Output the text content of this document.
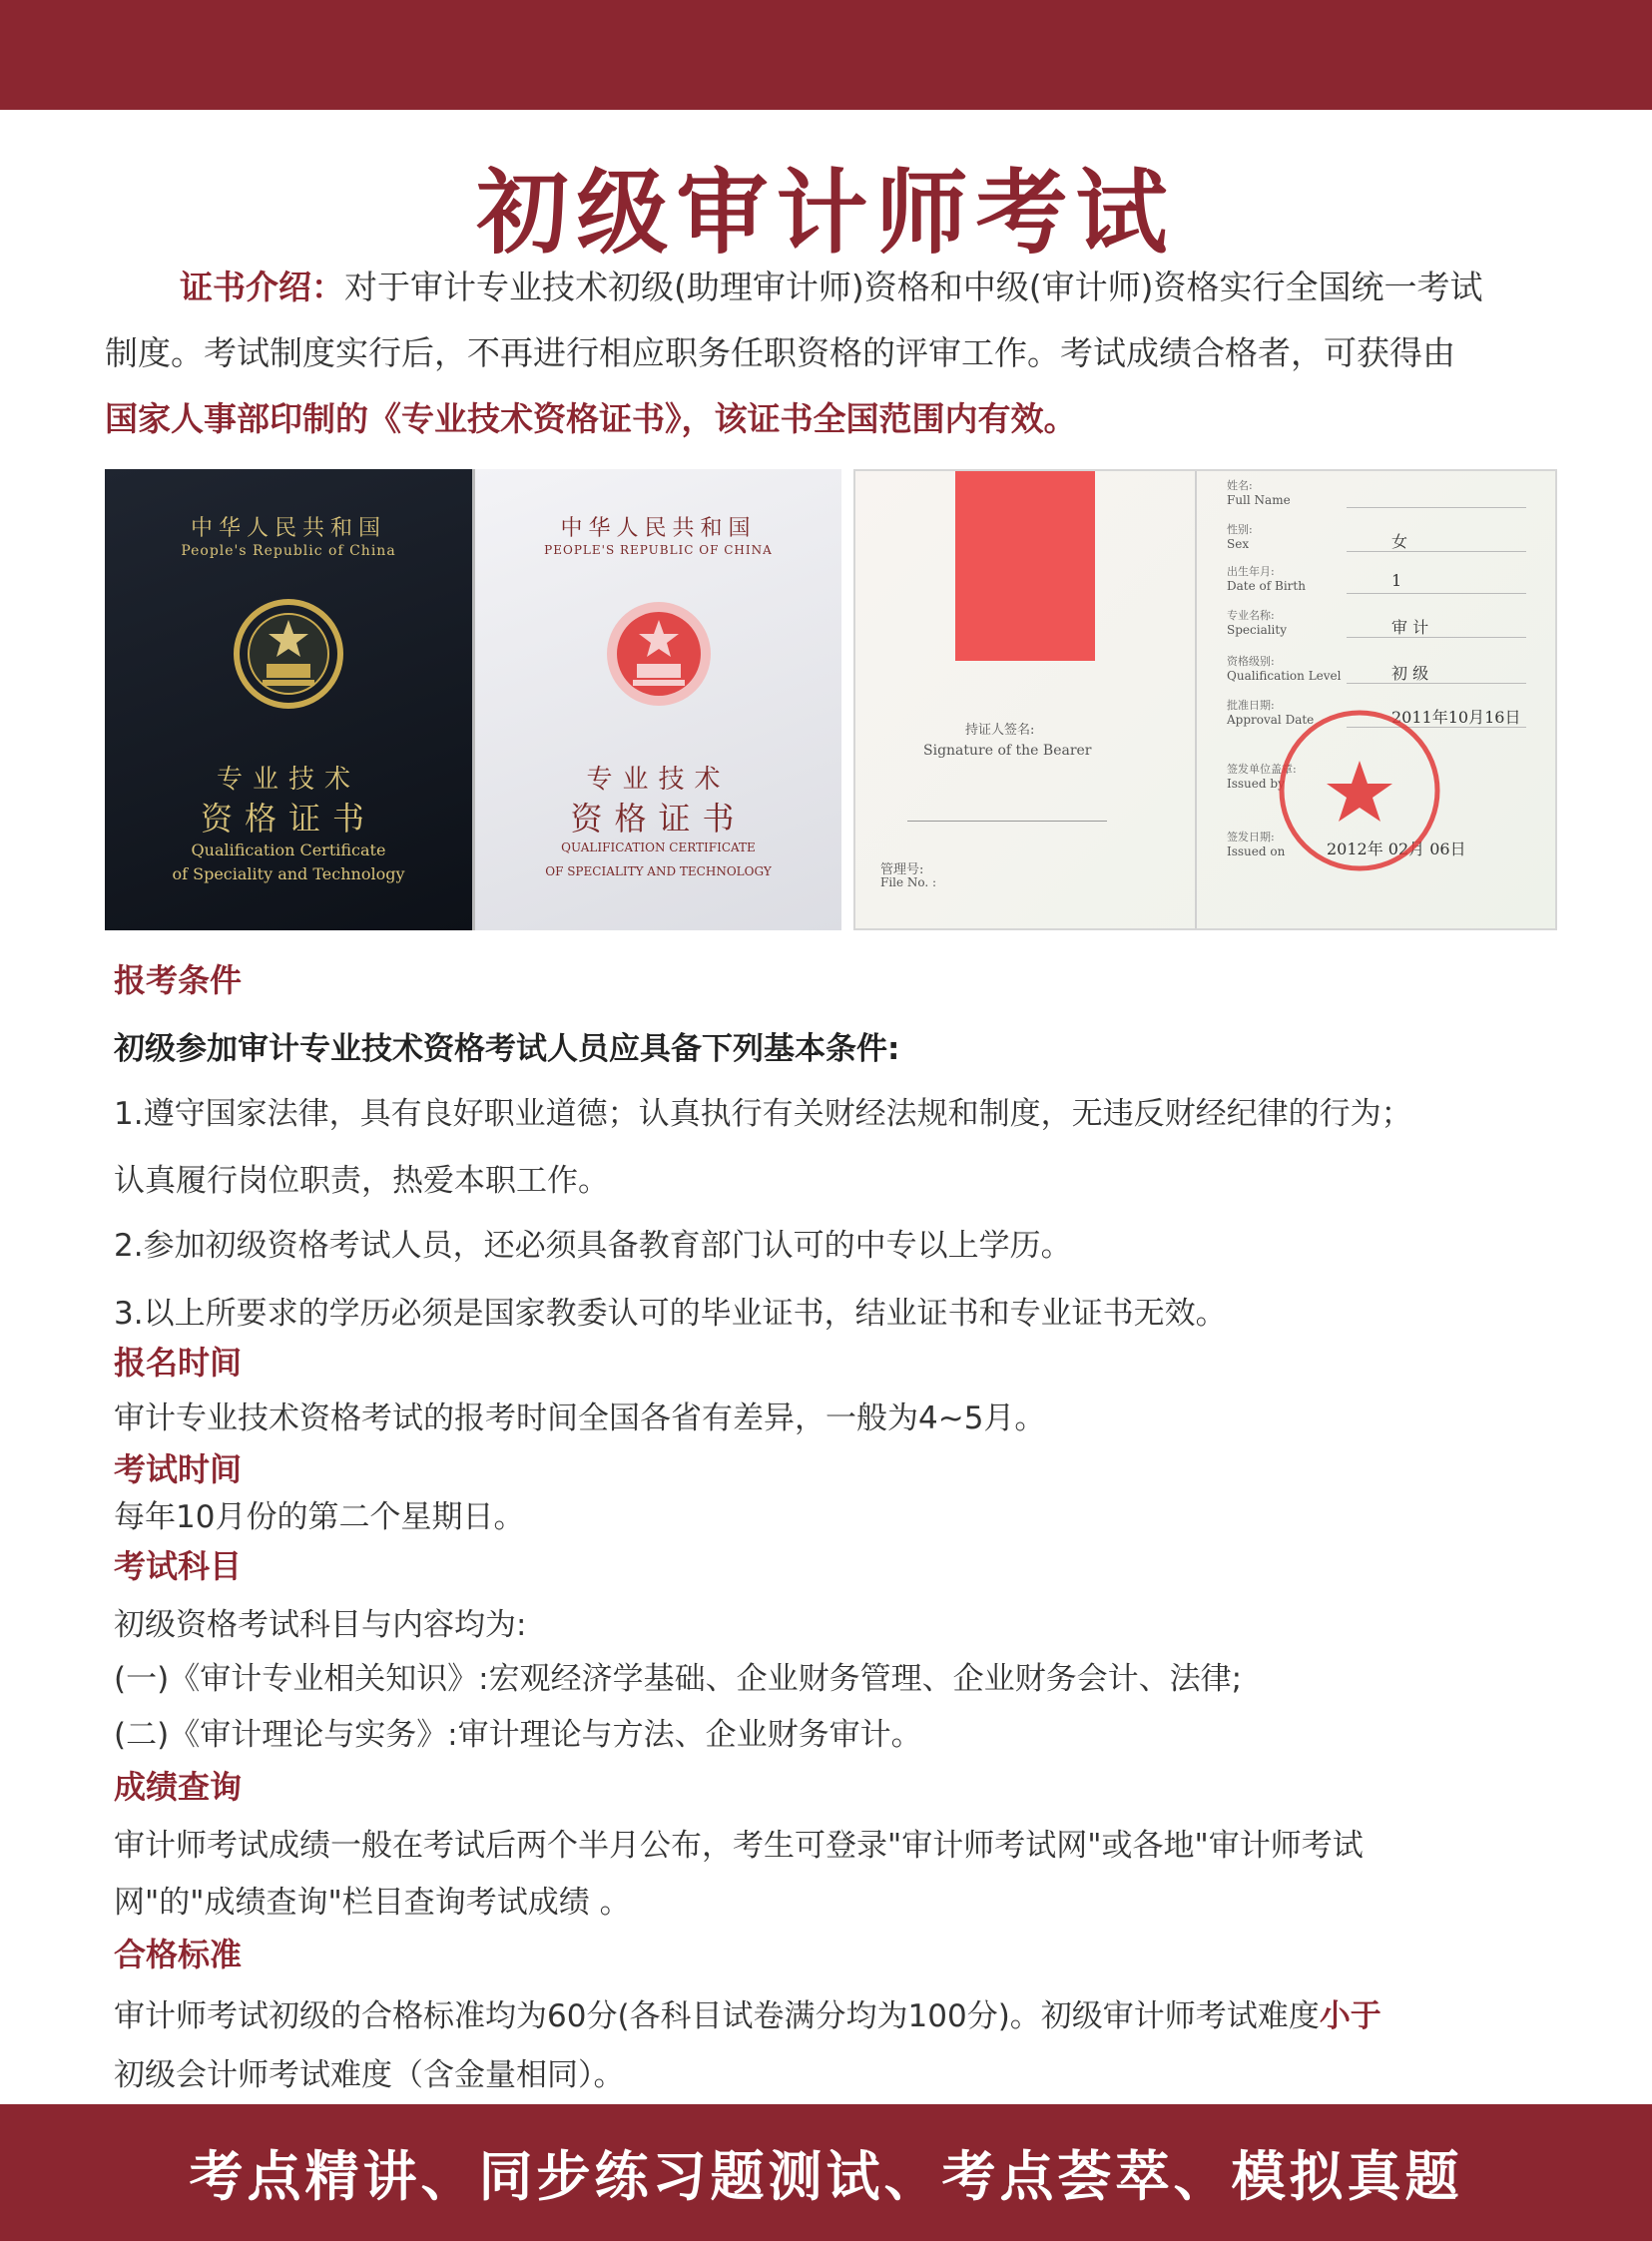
初级审计师考试
证书介绍：对于审计专业技术初级(助理审计师)资格和中级(审计师)资格实行全国统一考试
制度。考试制度实行后，不再进行相应职务任职资格的评审工作。考试成绩合格者，可获得由
国家人事部印制的《专业技术资格证书》，该证书全国范围内有效。
中华人民共和国
People's Republic of China
专业技术
资格证书
Qualification Certificate
of Speciality and Technology
中华人民共和国
PEOPLE'S REPUBLIC OF CHINA
专业技术
资格证书
QUALIFICATION CERTIFICATE
OF SPECIALITY AND TECHNOLOGY
持证人签名:
Signature of the Bearer
管理号:
File No. :
姓名:
Full Name
性别:
Sex	女
出生年月:
Date of Birth	1
专业名称:
Speciality	审 计
资格级别:
Qualification Level	初 级
批准日期:
Approval Date	2011年10月16日
签发单位盖章:
Issued by
签发日期:
Issued on	2012年 02月 06日
报考条件
初级参加审计专业技术资格考试人员应具备下列基本条件:
1.遵守国家法律，具有良好职业道德；认真执行有关财经法规和制度，无违反财经纪律的行为；
认真履行岗位职责，热爱本职工作。
2.参加初级资格考试人员，还必须具备教育部门认可的中专以上学历。
3.以上所要求的学历必须是国家教委认可的毕业证书，结业证书和专业证书无效。
报名时间
审计专业技术资格考试的报考时间全国各省有差异，一般为4~5月。
考试时间
每年10月份的第二个星期日。
考试科目
初级资格考试科目与内容均为:
(一)《审计专业相关知识》:宏观经济学基础、企业财务管理、企业财务会计、法律;
(二)《审计理论与实务》:审计理论与方法、企业财务审计。
成绩查询
审计师考试成绩一般在考试后两个半月公布，考生可登录"审计师考试网"或各地"审计师考试
网"的"成绩查询"栏目查询考试成绩 。
合格标准
审计师考试初级的合格标准均为60分(各科目试卷满分均为100分)。初级审计师考试难度小于
初级会计师考试难度（含金量相同）。
考点精讲、同步练习题测试、考点荟萃、模拟真题
